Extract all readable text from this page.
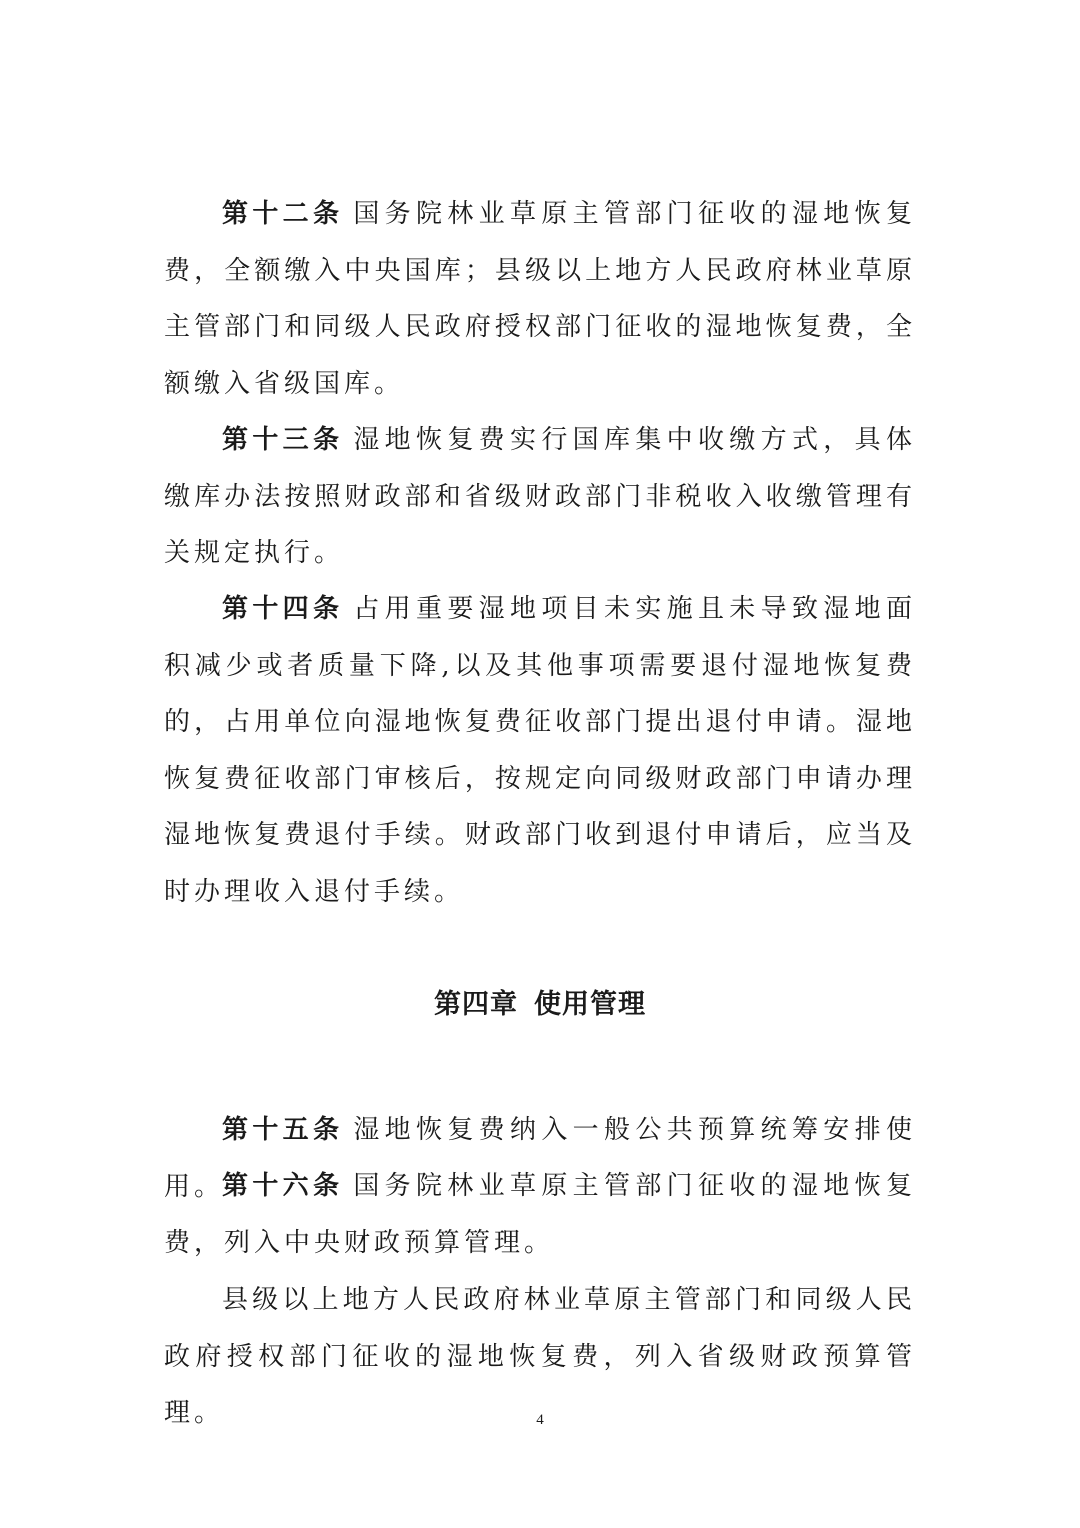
第十二条 国务院林业草原主管部门征收的湿地恢复费，全额缴入中央国库；县级以上地方人民政府林业草原主管部门和同级人民政府授权部门征收的湿地恢复费，全额缴入省级国库。

第十三条 湿地恢复费实行国库集中收缴方式，具体缴库办法按照财政部和省级财政部门非税收入收缴管理有关规定执行。

第十四条 占用重要湿地项目未实施且未导致湿地面积减少或者质量下降,以及其他事项需要退付湿地恢复费的，占用单位向湿地恢复费征收部门提出退付申请。湿地恢复费征收部门审核后，按规定向同级财政部门申请办理湿地恢复费退付手续。财政部门收到退付申请后，应当及时办理收入退付手续。

第四章 使用管理

第十五条 湿地恢复费纳入一般公共预算统筹安排使用。

第十六条 国务院林业草原主管部门征收的湿地恢复费，列入中央财政预算管理。

县级以上地方人民政府林业草原主管部门和同级人民政府授权部门征收的湿地恢复费，列入省级财政预算管理。	4
